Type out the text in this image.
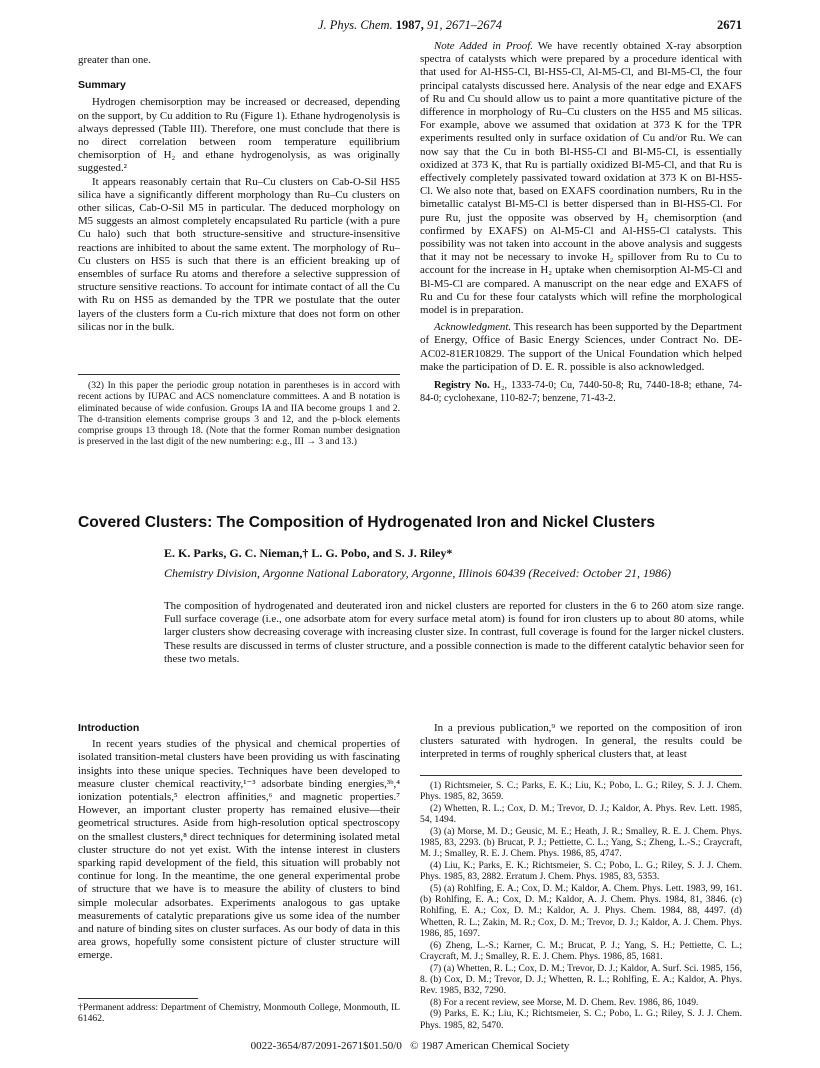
J. Phys. Chem. 1987, 91, 2671–2674	2671

greater than one.

Summary

Hydrogen chemisorption may be increased or decreased, depending on the support, by Cu addition to Ru (Figure 1). Ethane hydrogenolysis is always depressed (Table III). Therefore, one must conclude that there is no direct correlation between room temperature equilibrium chemisorption of H₂ and ethane hydrogenolysis, as was originally suggested.²

It appears reasonably certain that Ru–Cu clusters on Cab-O-Sil HS5 silica have a significantly different morphology than Ru–Cu clusters on other silicas, Cab-O-Sil M5 in particular. The deduced morphology on M5 suggests an almost completely encapsulated Ru particle (with a pure Cu halo) such that both structure-sensitive and structure-insensitive reactions are inhibited to about the same extent. The morphology of Ru–Cu clusters on HS5 is such that there is an efficient breaking up of ensembles of surface Ru atoms and therefore a selective suppression of structure sensitive reactions. To account for intimate contact of all the Cu with Ru on HS5 as demanded by the TPR we postulate that the outer layers of the clusters form a Cu-rich mixture that does not form on other silicas nor in the bulk.

(32) In this paper the periodic group notation in parentheses is in accord with recent actions by IUPAC and ACS nomenclature committees. A and B notation is eliminated because of wide confusion. Groups IA and IIA become groups 1 and 2. The d-transition elements comprise groups 3 and 12, and the p-block elements comprise groups 13 through 18. (Note that the former Roman number designation is preserved in the last digit of the new numbering: e.g., III → 3 and 13.)

Note Added in Proof. We have recently obtained X-ray absorption spectra of catalysts which were prepared by a procedure identical with that used for Al-HS5-Cl, Bl-HS5-Cl, Al-M5-Cl, and Bl-M5-Cl, the four principal catalysts discussed here. Analysis of the near edge and EXAFS of Ru and Cu should allow us to paint a more quantitative picture of the difference in morphology of Ru–Cu clusters on the HS5 and M5 silicas. For example, above we assumed that oxidation at 373 K for the TPR experiments resulted only in surface oxidation of Cu and/or Ru. We can now say that the Cu in both Bl-HS5-Cl and Bl-M5-Cl, is essentially oxidized at 373 K, that Ru is partially oxidized Bl-M5-Cl, and that Ru is effectively completely passivated toward oxidation at 373 K on Bl-HS5-Cl. We also note that, based on EXAFS coordination numbers, Ru in the bimetallic catalyst Bl-M5-Cl is better dispersed than in Bl-HS5-Cl. For pure Ru, just the opposite was observed by H₂ chemisorption (and confirmed by EXAFS) on Al-M5-Cl and Al-HS5-Cl catalysts. This possibility was not taken into account in the above analysis and suggests that it may not be necessary to invoke H₂ spillover from Ru to Cu to account for the increase in H₂ uptake when chemisorption Al-M5-Cl and Bl-M5-Cl are compared. A manuscript on the near edge and EXAFS of Ru and Cu for these four catalysts which will refine the morphological model is in preparation.

Acknowledgment. This research has been supported by the Department of Energy, Office of Basic Energy Sciences, under Contract No. DE-AC02-81ER10829. The support of the Unical Foundation which helped make the participation of D. E. R. possible is also acknowledged.

Registry No. H₂, 1333-74-0; Cu, 7440-50-8; Ru, 7440-18-8; ethane, 74-84-0; cyclohexane, 110-82-7; benzene, 71-43-2.

Covered Clusters: The Composition of Hydrogenated Iron and Nickel Clusters
E. K. Parks, G. C. Nieman,† L. G. Pobo, and S. J. Riley*
Chemistry Division, Argonne National Laboratory, Argonne, Illinois 60439 (Received: October 21, 1986)

The composition of hydrogenated and deuterated iron and nickel clusters are reported for clusters in the 6 to 260 atom size range. Full surface coverage (i.e., one adsorbate atom for every surface metal atom) is found for iron clusters up to about 80 atoms, while larger clusters show decreasing coverage with increasing cluster size. In contrast, full coverage is found for the larger nickel clusters. These results are discussed in terms of cluster structure, and a possible connection is made to the different catalytic behavior seen for these two metals.

Introduction

In recent years studies of the physical and chemical properties of isolated transition-metal clusters have been providing us with fascinating insights into these unique species. Techniques have been developed to measure cluster chemical reactivity,¹⁻³ adsorbate binding energies,³ᵇ,⁴ ionization potentials,⁵ electron affinities,⁶ and magnetic properties.⁷ However, an important cluster property has remained elusive—their geometrical structures. Aside from high-resolution optical spectroscopy on the smallest clusters,⁸ direct techniques for determining isolated metal cluster structure do not yet exist. With the intense interest in clusters sparking rapid development of the field, this situation will probably not continue for long. In the meantime, the one general experimental probe of structure that we have is to measure the ability of clusters to bind simple molecular adsorbates. Experiments analogous to gas uptake measurements of catalytic preparations give us some idea of the number and nature of binding sites on cluster surfaces. As our body of data in this area grows, hopefully some consistent picture of cluster structure will emerge.

†Permanent address: Department of Chemistry, Monmouth College, Monmouth, IL 61462.

In a previous publication,⁹ we reported on the composition of iron clusters saturated with hydrogen. In general, the results could be interpreted in terms of roughly spherical clusters that, at least

(1) Richtsmeier, S. C.; Parks, E. K.; Liu, K.; Pobo, L. G.; Riley, S. J. J. Chem. Phys. 1985, 82, 3659.

(2) Whetten, R. L.; Cox, D. M.; Trevor, D. J.; Kaldor, A. Phys. Rev. Lett. 1985, 54, 1494.

(3) (a) Morse, M. D.; Geusic, M. E.; Heath, J. R.; Smalley, R. E. J. Chem. Phys. 1985, 83, 2293. (b) Brucat, P. J.; Pettiette, C. L.; Yang, S.; Zheng, L.-S.; Craycraft, M. J.; Smalley, R. E. J. Chem. Phys. 1986, 85, 4747.

(4) Liu, K.; Parks, E. K.; Richtsmeier, S. C.; Pobo, L. G.; Riley, S. J. J. Chem. Phys. 1985, 83, 2882. Erratum J. Chem. Phys. 1985, 83, 5353.

(5) (a) Rohlfing, E. A.; Cox, D. M.; Kaldor, A. Chem. Phys. Lett. 1983, 99, 161. (b) Rohlfing, E. A.; Cox, D. M.; Kaldor, A. J. Chem. Phys. 1984, 81, 3846. (c) Rohlfing, E. A.; Cox, D. M.; Kaldor, A. J. Phys. Chem. 1984, 88, 4497. (d) Whetten, R. L.; Zakin, M. R.; Cox, D. M.; Trevor, D. J.; Kaldor, A. J. Chem. Phys. 1986, 85, 1697.

(6) Zheng, L.-S.; Karner, C. M.; Brucat, P. J.; Yang, S. H.; Pettiette, C. L.; Craycraft, M. J.; Smalley, R. E. J. Chem. Phys. 1986, 85, 1681.

(7) (a) Whetten, R. L.; Cox, D. M.; Trevor, D. J.; Kaldor, A. Surf. Sci. 1985, 156, 8. (b) Cox, D. M.; Trevor, D. J.; Whetten, R. L.; Rohlfing, E. A.; Kaldor, A. Phys. Rev. 1985, B32, 7290.

(8) For a recent review, see Morse, M. D. Chem. Rev. 1986, 86, 1049.

(9) Parks, E. K.; Liu, K.; Richtsmeier, S. C.; Pobo, L. G.; Riley, S. J. J. Chem. Phys. 1985, 82, 5470.

0022-3654/87/2091-2671$01.50/0 © 1987 American Chemical Society
